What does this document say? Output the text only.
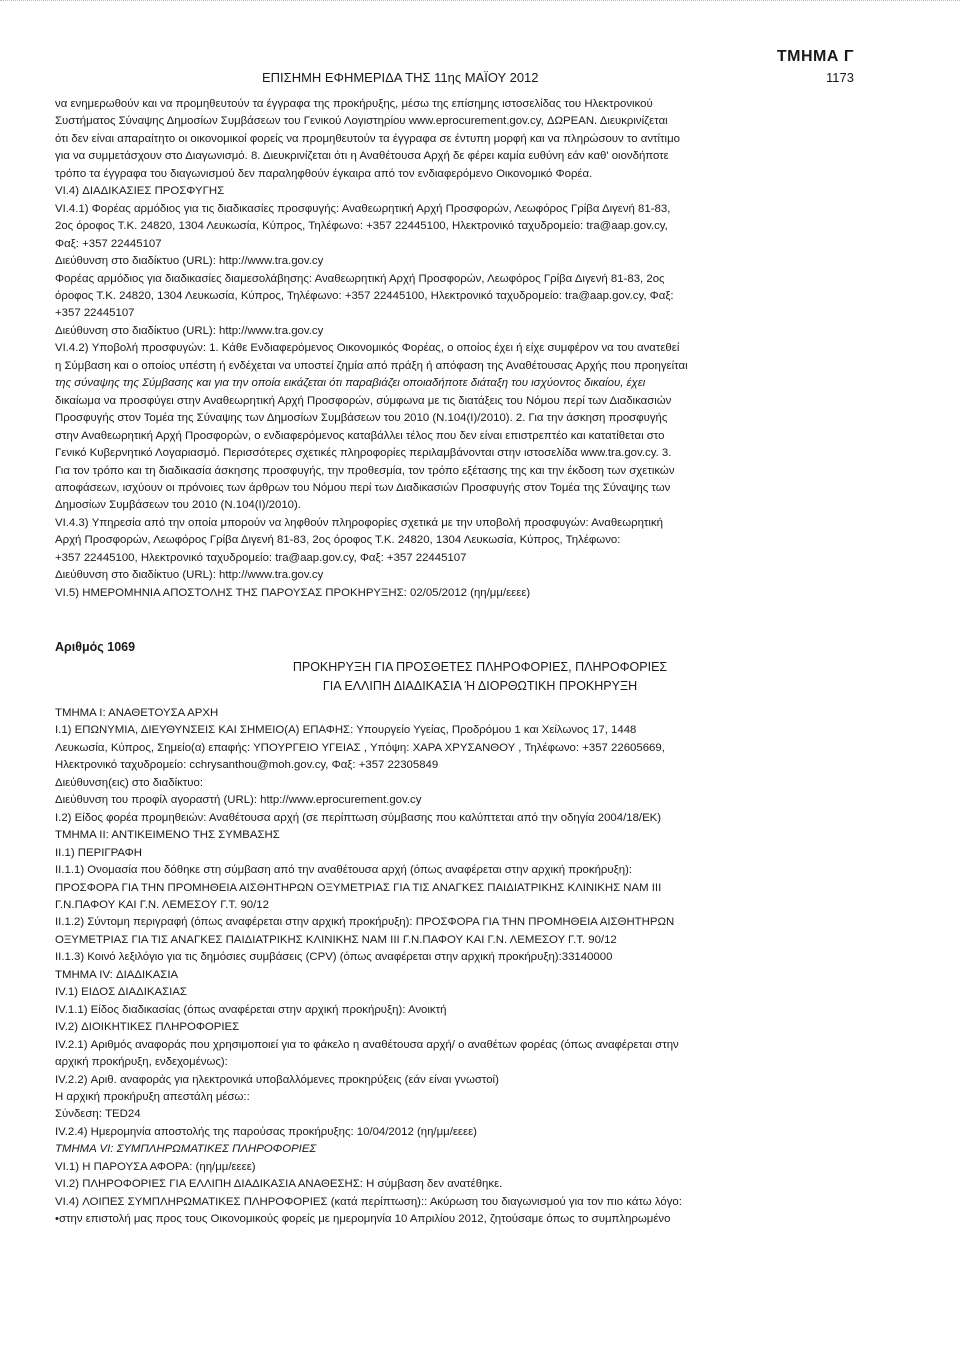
ΤΜΗΜΑ Γ
ΕΠΙΣΗΜΗ ΕΦΗΜΕΡΙΔΑ ΤΗΣ 11ης ΜΑΪΟΥ 2012	1173

να ενημερωθούν και να προμηθευτούν τα έγγραφα της προκήρυξης, μέσω της επίσημης ιστοσελίδας του Ηλεκτρονικού

Συστήματος Σύναψης Δημοσίων Συμβάσεων του Γενικού Λογιστηρίου www.eprocurement.gov.cy, ΔΩΡΕΑΝ. Διευκρινίζεται

ότι δεν είναι απαραίτητο οι οικονομικοί φορείς να προμηθευτούν τα έγγραφα σε έντυπη μορφή και να πληρώσουν το αντίτιμο

για να συμμετάσχουν στο Διαγωνισμό. 8. Διευκρινίζεται ότι η Αναθέτουσα Αρχή δε φέρει καμία ευθύνη εάν καθ' οιονδήποτε

τρόπο τα έγγραφα του διαγωνισμού δεν παραληφθούν έγκαιρα από τον ενδιαφερόμενο Οικονομικό Φορέα.

VI.4) ΔΙΑΔΙΚΑΣΙΕΣ ΠΡΟΣΦΥΓΗΣ

VI.4.1) Φορέας αρμόδιος για τις διαδικασίες προσφυγής: Αναθεωρητική Αρχή Προσφορών, Λεωφόρος Γρίβα Διγενή 81-83,

2ος όροφος Τ.Κ. 24820, 1304 Λευκωσία, Κύπρος, Τηλέφωνο: +357 22445100, Ηλεκτρονικό ταχυδρομείο: tra@aap.gov.cy,

Φαξ: +357 22445107

Διεύθυνση στο διαδίκτυο (URL): http://www.tra.gov.cy

Φορέας αρμόδιος για διαδικασίες διαμεσολάβησης: Αναθεωρητική Αρχή Προσφορών, Λεωφόρος Γρίβα Διγενή 81-83, 2ος

όροφος Τ.Κ. 24820, 1304 Λευκωσία, Κύπρος, Τηλέφωνο: +357 22445100, Ηλεκτρονικό ταχυδρομείο: tra@aap.gov.cy, Φαξ:

+357 22445107

Διεύθυνση στο διαδίκτυο (URL): http://www.tra.gov.cy

VI.4.2) Υποβολή προσφυγών: 1. Κάθε Ενδιαφερόμενος Οικονομικός Φορέας, ο οποίος έχει ή είχε συμφέρον να του ανατεθεί

η Σύμβαση και ο οποίος υπέστη ή ενδέχεται να υποστεί ζημία από πράξη ή απόφαση της Αναθέτουσας Αρχής που προηγείται

της σύναψης της Σύμβασης και για την οποία εικάζεται ότι παραβιάζει οποιαδήποτε διάταξη του ισχύοντος δικαίου, έχει

δικαίωμα να προσφύγει στην Αναθεωρητική Αρχή Προσφορών, σύμφωνα με τις διατάξεις του Νόμου περί των Διαδικασιών

Προσφυγής στον Τομέα της Σύναψης των Δημοσίων Συμβάσεων του 2010 (Ν.104(Ι)/2010). 2. Για την άσκηση προσφυγής

στην Αναθεωρητική Αρχή Προσφορών, ο ενδιαφερόμενος καταβάλλει τέλος που δεν είναι επιστρεπτέο και κατατίθεται στο

Γενικό Κυβερνητικό Λογαριασμό. Περισσότερες σχετικές πληροφορίες περιλαμβάνονται στην ιστοσελίδα www.tra.gov.cy. 3.

Για τον τρόπο και τη διαδικασία άσκησης προσφυγής, την προθεσμία, τον τρόπο εξέτασης της και την έκδοση των σχετικών

αποφάσεων, ισχύουν οι πρόνοιες των άρθρων του Νόμου περί των Διαδικασιών Προσφυγής στον Τομέα της Σύναψης των

Δημοσίων Συμβάσεων του 2010 (Ν.104(Ι)/2010).

VI.4.3) Υπηρεσία από την οποία μπορούν να ληφθούν πληροφορίες σχετικά με την υποβολή προσφυγών: Αναθεωρητική

Αρχή Προσφορών, Λεωφόρος Γρίβα Διγενή 81-83, 2ος όροφος Τ.Κ. 24820, 1304 Λευκωσία, Κύπρος, Τηλέφωνο:

+357 22445100, Ηλεκτρονικό ταχυδρομείο: tra@aap.gov.cy, Φαξ: +357 22445107

Διεύθυνση στο διαδίκτυο (URL): http://www.tra.gov.cy

VI.5) ΗΜΕΡΟΜΗΝΙΑ ΑΠΟΣΤΟΛΗΣ ΤΗΣ ΠΑΡΟΥΣΑΣ ΠΡΟΚΗΡΥΞΗΣ: 02/05/2012 (ηη/μμ/εεεε)

Αριθμός 1069
ΠΡΟΚΗΡΥΞΗ ΓΙΑ ΠΡΟΣΘΕΤΕΣ ΠΛΗΡΟΦΟΡΙΕΣ, ΠΛΗΡΟΦΟΡΙΕΣ
ΓΙΑ ΕΛΛΙΠΗ ΔΙΑΔΙΚΑΣΙΑ Ή ΔΙΟΡΘΩΤΙΚΗ ΠΡΟΚΗΡΥΞΗ

ΤΜΗΜΑ Ι: ΑΝΑΘΕΤΟΥΣΑ ΑΡΧΗ

Ι.1) ΕΠΩΝΥΜΙΑ, ΔΙΕΥΘΥΝΣΕΙΣ ΚΑΙ ΣΗΜΕΙΟ(Α) ΕΠΑΦΗΣ: Υπουργείο Υγείας, Προδρόμου 1 και Χείλωνος 17, 1448

Λευκωσία, Κύπρος, Σημείο(α) επαφής: ΥΠΟΥΡΓΕΙΟ ΥΓΕΙΑΣ , Υπόψη: ΧΑΡΑ ΧΡΥΣΑΝΘΟΥ , Τηλέφωνο: +357 22605669,

Ηλεκτρονικό ταχυδρομείο: cchrysanthou@moh.gov.cy, Φαξ: +357 22305849

Διεύθυνση(εις) στο διαδίκτυο:

Διεύθυνση του προφίλ αγοραστή (URL): http://www.eprocurement.gov.cy

Ι.2) Είδος φορέα προμηθειών: Αναθέτουσα αρχή (σε περίπτωση σύμβασης που καλύπτεται από την οδηγία 2004/18/ΕΚ)

ΤΜΗΜΑ ΙΙ: ΑΝΤΙΚΕΙΜΕΝΟ ΤΗΣ ΣΥΜΒΑΣΗΣ

ΙΙ.1) ΠΕΡΙΓΡΑΦΗ

ΙΙ.1.1) Ονομασία που δόθηκε στη σύμβαση από την αναθέτουσα αρχή (όπως αναφέρεται στην αρχική προκήρυξη):

ΠΡΟΣΦΟΡΑ ΓΙΑ ΤΗΝ ΠΡΟΜΗΘΕΙΑ ΑΙΣΘΗΤΗΡΩΝ ΟΞΥΜΕΤΡΙΑΣ ΓΙΑ ΤΙΣ ΑΝΑΓΚΕΣ ΠΑΙΔΙΑΤΡΙΚΗΣ ΚΛΙΝΙΚΗΣ ΝΑΜ ΙΙΙ

Γ.Ν.ΠΑΦΟΥ ΚΑΙ Γ.Ν. ΛΕΜΕΣΟΥ Γ.Τ. 90/12

ΙΙ.1.2) Σύντομη περιγραφή (όπως αναφέρεται στην αρχική προκήρυξη): ΠΡΟΣΦΟΡΑ ΓΙΑ ΤΗΝ ΠΡΟΜΗΘΕΙΑ ΑΙΣΘΗΤΗΡΩΝ

ΟΞΥΜΕΤΡΙΑΣ ΓΙΑ ΤΙΣ ΑΝΑΓΚΕΣ ΠΑΙΔΙΑΤΡΙΚΗΣ ΚΛΙΝΙΚΗΣ ΝΑΜ ΙΙΙ Γ.Ν.ΠΑΦΟΥ ΚΑΙ Γ.Ν. ΛΕΜΕΣΟΥ Γ.Τ. 90/12

ΙΙ.1.3) Κοινό λεξιλόγιο για τις δημόσιες συμβάσεις (CPV) (όπως αναφέρεται στην αρχική προκήρυξη):33140000

ΤΜΗΜΑ IV: ΔΙΑΔΙΚΑΣΙΑ

IV.1) ΕΙΔΟΣ ΔΙΑΔΙΚΑΣΙΑΣ

IV.1.1) Είδος διαδικασίας (όπως αναφέρεται στην αρχική προκήρυξη): Ανοικτή

IV.2) ΔΙΟΙΚΗΤΙΚΕΣ ΠΛΗΡΟΦΟΡΙΕΣ

IV.2.1) Αριθμός αναφοράς που χρησιμοποιεί για το φάκελο η αναθέτουσα αρχή/ ο αναθέτων φορέας (όπως αναφέρεται στην

αρχική προκήρυξη, ενδεχομένως):

IV.2.2) Αριθ. αναφοράς για ηλεκτρονικά υποβαλλόμενες προκηρύξεις (εάν είναι γνωστοί)

Η αρχική προκήρυξη απεστάλη μέσω::

Σύνδεση: TED24

IV.2.4) Ημερομηνία αποστολής της παρούσας προκήρυξης: 10/04/2012 (ηη/μμ/εεεε)

ΤΜΗΜΑ VI: ΣΥΜΠΛΗΡΩΜΑΤΙΚΕΣ ΠΛΗΡΟΦΟΡΙΕΣ

VI.1) Η ΠΑΡΟΥΣΑ ΑΦΟΡΑ: (ηη/μμ/εεεε)

VI.2) ΠΛΗΡΟΦΟΡΙΕΣ ΓΙΑ ΕΛΛΙΠΗ ΔΙΑΔΙΚΑΣΙΑ ΑΝΑΘΕΣΗΣ: Η σύμβαση δεν ανατέθηκε.

VI.4) ΛΟΙΠΕΣ ΣΥΜΠΛΗΡΩΜΑΤΙΚΕΣ ΠΛΗΡΟΦΟΡΙΕΣ (κατά περίπτωση):: Ακύρωση του διαγωνισμού για τον πιο κάτω λόγο:

•στην επιστολή μας προς τους Οικονομικούς φορείς με ημερομηνία 10 Απριλίου 2012, ζητούσαμε όπως το συμπληρωμένο
